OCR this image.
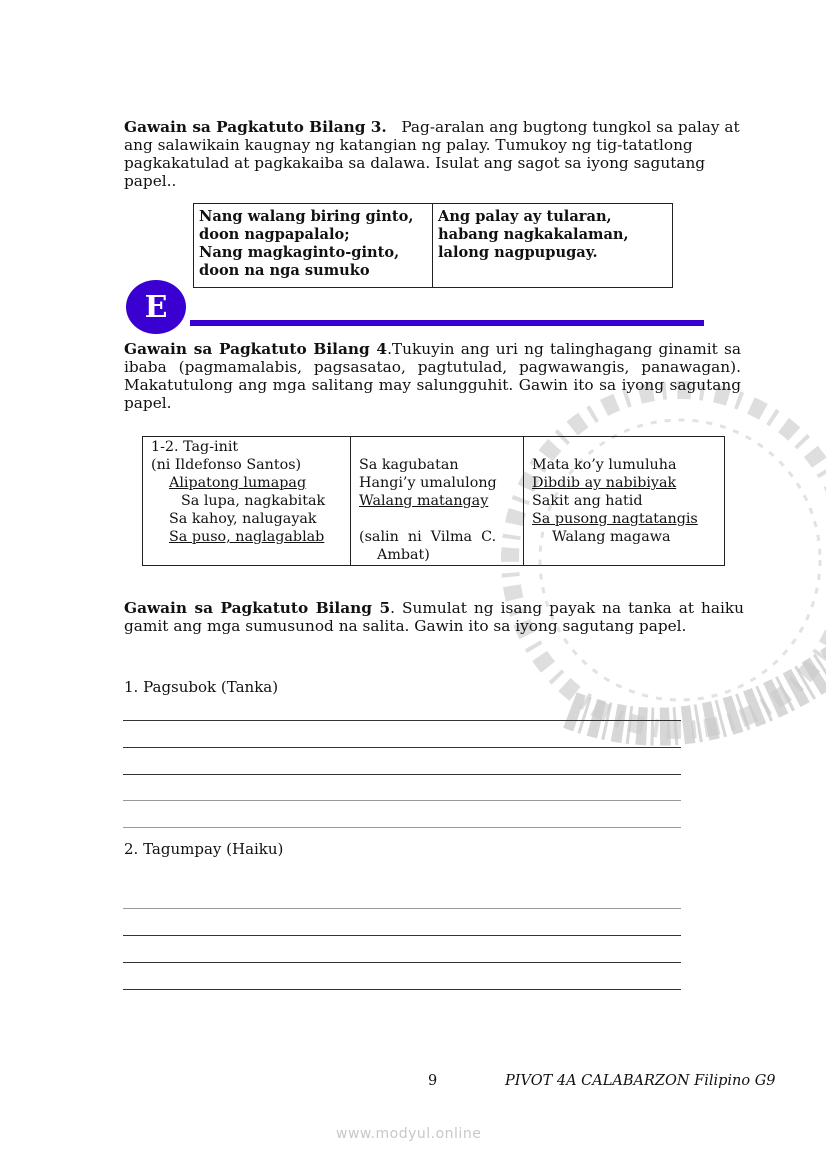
Gawain sa Pagkatuto Bilang 3. Pag-aralan ang bugtong tungkol sa palay at ang salawikain kaugnay ng katangian ng palay. Tumukoy ng tig-tatatlong pagkakatulad at pagkakaiba sa dalawa. Isulat ang sagot sa iyong sagutang papel..

Nang walang biring ginto,
doon nagpapalalo;
Nang magkaginto-ginto,
doon na nga sumuko
Ang palay ay tularan,
habang nagkakalaman,
lalong nagpupugay.
E

Gawain sa Pagkatuto Bilang 4.Tukuyin ang uri ng talinghagang ginamit sa ibaba (pagmamalabis, pagsasatao, pagtutulad, pagwawangis, panawagan). Makatutulong ang mga salitang may salungguhit. Gawin ito sa iyong sagutang papel.

1-2. Tag-init
(ni Ildefonso Santos)
Alipatong lumapag
Sa lupa, nagkabitak
Sa kahoy, nalugayak
Sa puso, naglagablab
Sa kagubatan
Hangi’y umalulong
Walang matangay
(salin  ni  Vilma  C.
Ambat)
Mata ko’y lumuluha
Dibdib ay nabibiyak
Sakit ang hatid
Sa pusong nagtatangis
Walang magawa

Gawain sa Pagkatuto Bilang 5. Sumulat ng isang payak na tanka at haiku gamit ang mga sumusunod na salita. Gawin ito sa iyong sagutang papel.

1. Pagsubok (Tanka)
2. Tagumpay (Haiku)
9	PIVOT 4A CALABARZON Filipino G9
www.modyul.online
